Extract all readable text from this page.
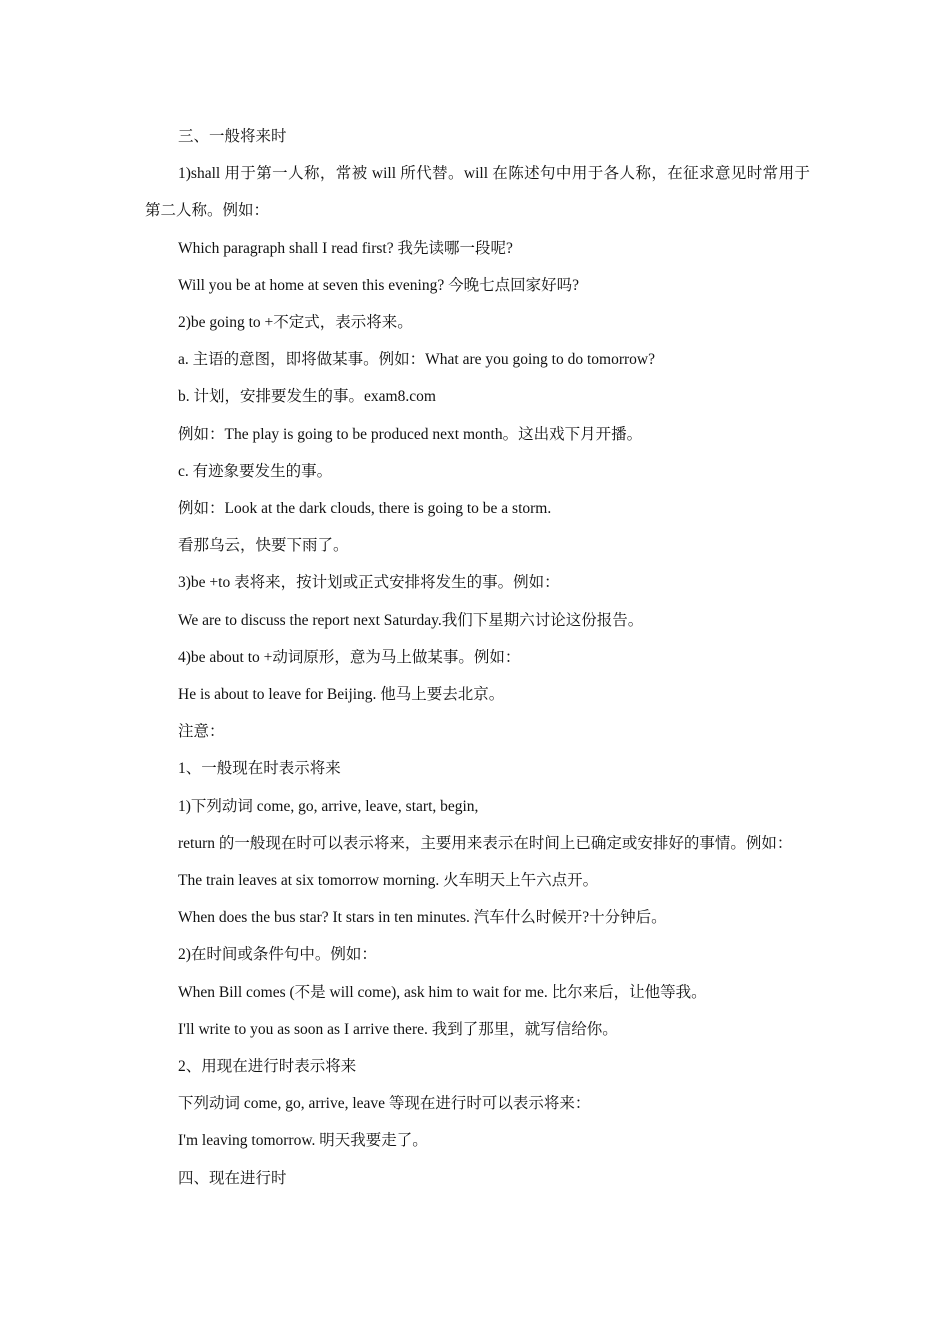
三、一般将来时

1)shall 用于第一人称，常被 will 所代替。will 在陈述句中用于各人称，在征求意见时常用于第二人称。例如：

Which paragraph shall I read first? 我先读哪一段呢?

Will you be at home at seven this evening? 今晚七点回家好吗?

2)be going to +不定式，表示将来。

a. 主语的意图，即将做某事。例如：What are you going to do tomorrow?

b. 计划，安排要发生的事。exam8.com

例如：The play is going to be produced next month。这出戏下月开播。

c. 有迹象要发生的事。

例如：Look at the dark clouds, there is going to be a storm.

看那乌云，快要下雨了。

3)be +to 表将来，按计划或正式安排将发生的事。例如：

We are to discuss the report next Saturday.我们下星期六讨论这份报告。

4)be about to +动词原形，意为马上做某事。例如：

He is about to leave for Beijing. 他马上要去北京。

注意：

1、一般现在时表示将来

1)下列动词 come, go, arrive, leave, start, begin,

return 的一般现在时可以表示将来，主要用来表示在时间上已确定或安排好的事情。例如：

The train leaves at six tomorrow morning. 火车明天上午六点开。

When does the bus star? It stars in ten minutes. 汽车什么时候开?十分钟后。

2)在时间或条件句中。例如：

When Bill comes (不是 will come), ask him to wait for me. 比尔来后，让他等我。

I'll write to you as soon as I arrive there. 我到了那里，就写信给你。

2、用现在进行时表示将来

下列动词 come, go, arrive, leave 等现在进行时可以表示将来：

I'm leaving tomorrow. 明天我要走了。

四、现在进行时
